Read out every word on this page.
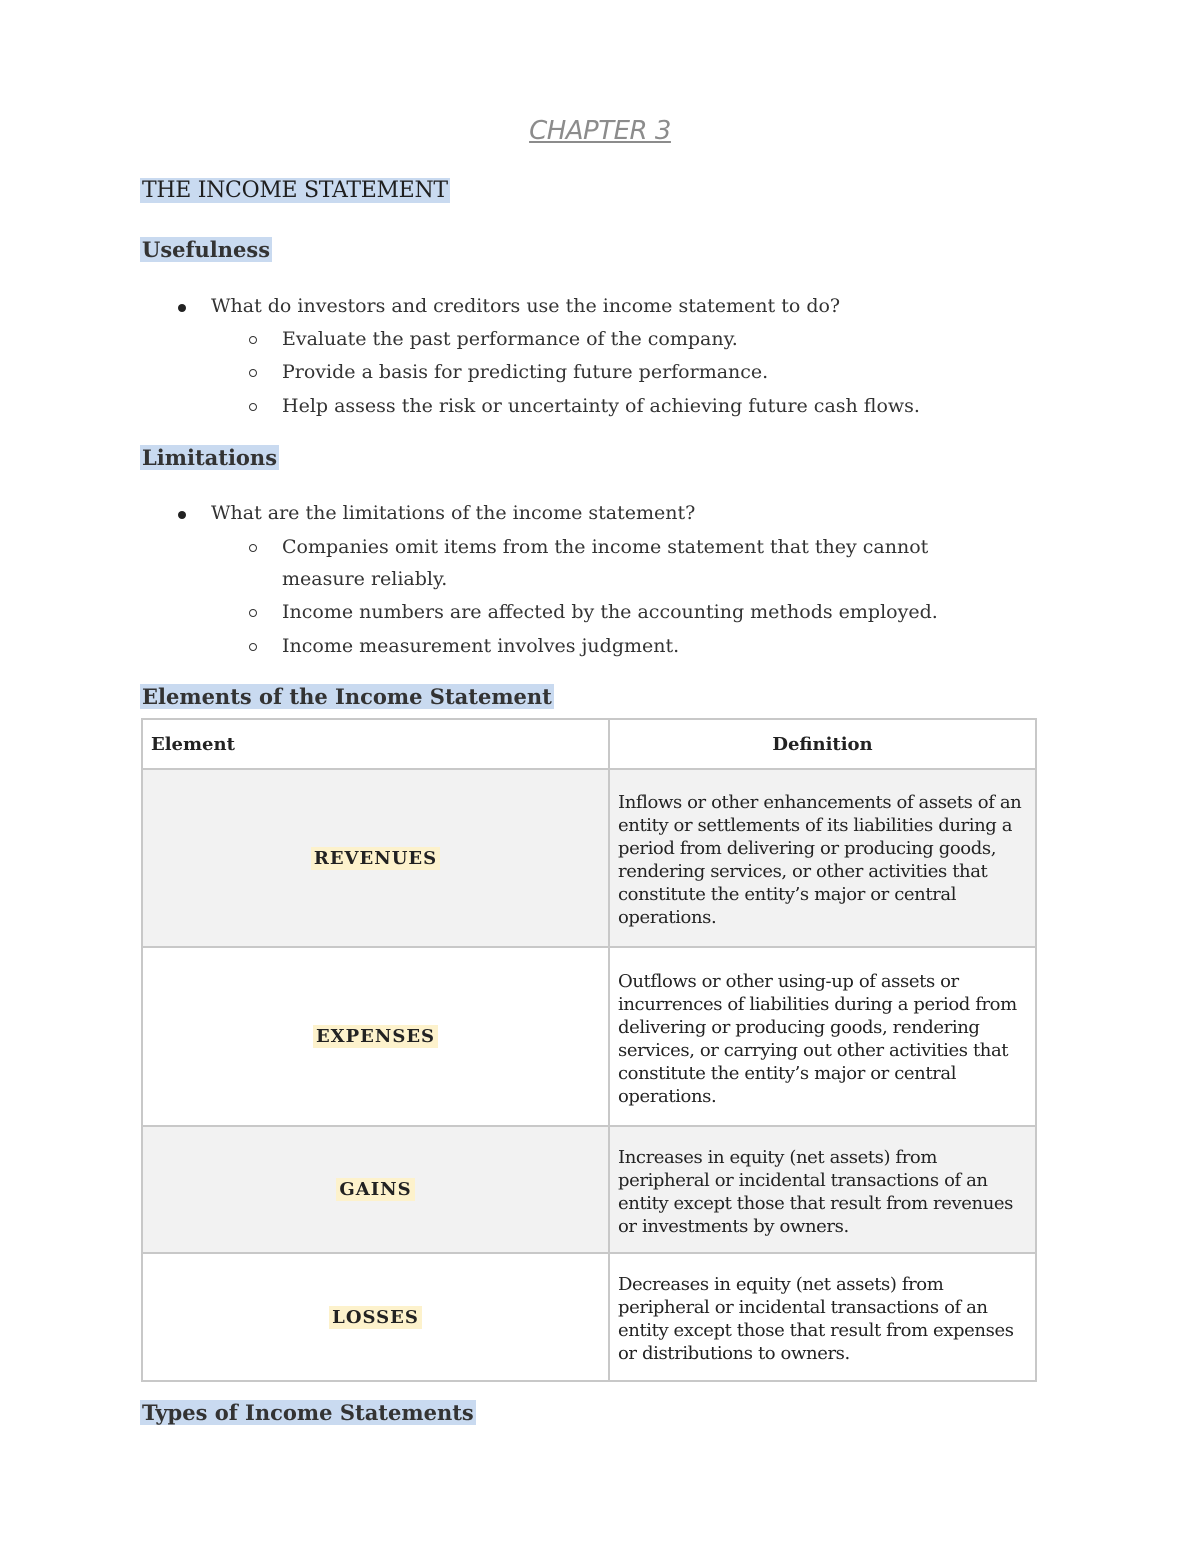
CHAPTER 3
THE INCOME STATEMENT
Usefulness
What do investors and creditors use the income statement to do?
Evaluate the past performance of the company.
Provide a basis for predicting future performance.
Help assess the risk or uncertainty of achieving future cash flows.
Limitations
What are the limitations of the income statement?
Companies omit items from the income statement that they cannot
measure reliably.
Income numbers are affected by the accounting methods employed.
Income measurement involves judgment.
Elements of the Income Statement
Element	Definition
REVENUES	Inflows or other enhancements of assets of an entity or settlements of its liabilities during a period from delivering or producing goods, rendering services, or other activities that constitute the entity’s major or central operations.
EXPENSES	Outflows or other using-up of assets or incurrences of liabilities during a period from delivering or producing goods, rendering services, or carrying out other activities that constitute the entity’s major or central operations.
GAINS	Increases in equity (net assets) from peripheral or incidental transactions of an entity except those that result from revenues or investments by owners.
LOSSES	Decreases in equity (net assets) from peripheral or incidental transactions of an entity except those that result from expenses or distributions to owners.
Types of Income Statements
